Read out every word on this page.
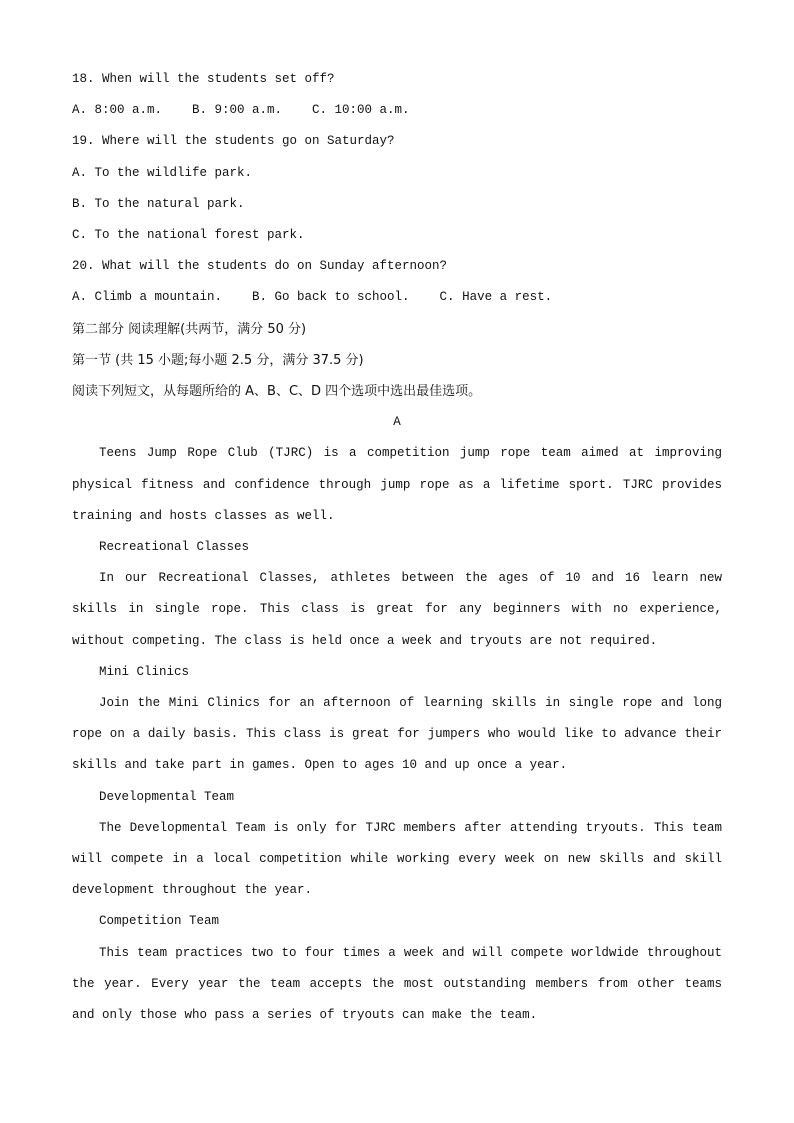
18. When will the students set off?

A. 8:00 a.m.    B. 9:00 a.m.    C. 10:00 a.m.

19. Where will the students go on Saturday?

A. To the wildlife park.

B. To the natural park.

C. To the national forest park.

20. What will the students do on Sunday afternoon?

A. Climb a mountain.    B. Go back to school.    C. Have a rest.

第二部分 阅读理解(共两节，满分 50 分)

第一节 (共 15 小题;每小题 2.5 分，满分 37.5 分)

阅读下列短文，从每题所给的 A、B、C、D 四个选项中选出最佳选项。

A

Teens Jump Rope Club (TJRC) is a competition jump rope team aimed at improving physical fitness and confidence through jump rope as a lifetime sport. TJRC provides training and hosts classes as well.

Recreational Classes

In our Recreational Classes, athletes between the ages of 10 and 16 learn new skills in single rope. This class is great for any beginners with no experience, without competing. The class is held once a week and tryouts are not required.

Mini Clinics

Join the Mini Clinics for an afternoon of learning skills in single rope and long rope on a daily basis. This class is great for jumpers who would like to advance their skills and take part in games. Open to ages 10 and up once a year.

Developmental Team

The Developmental Team is only for TJRC members after attending tryouts. This team will compete in a local competition while working every week on new skills and skill development throughout the year.

Competition Team

This team practices two to four times a week and will compete worldwide throughout the year. Every year the team accepts the most outstanding members from other teams and only those who pass a series of tryouts can make the team.
